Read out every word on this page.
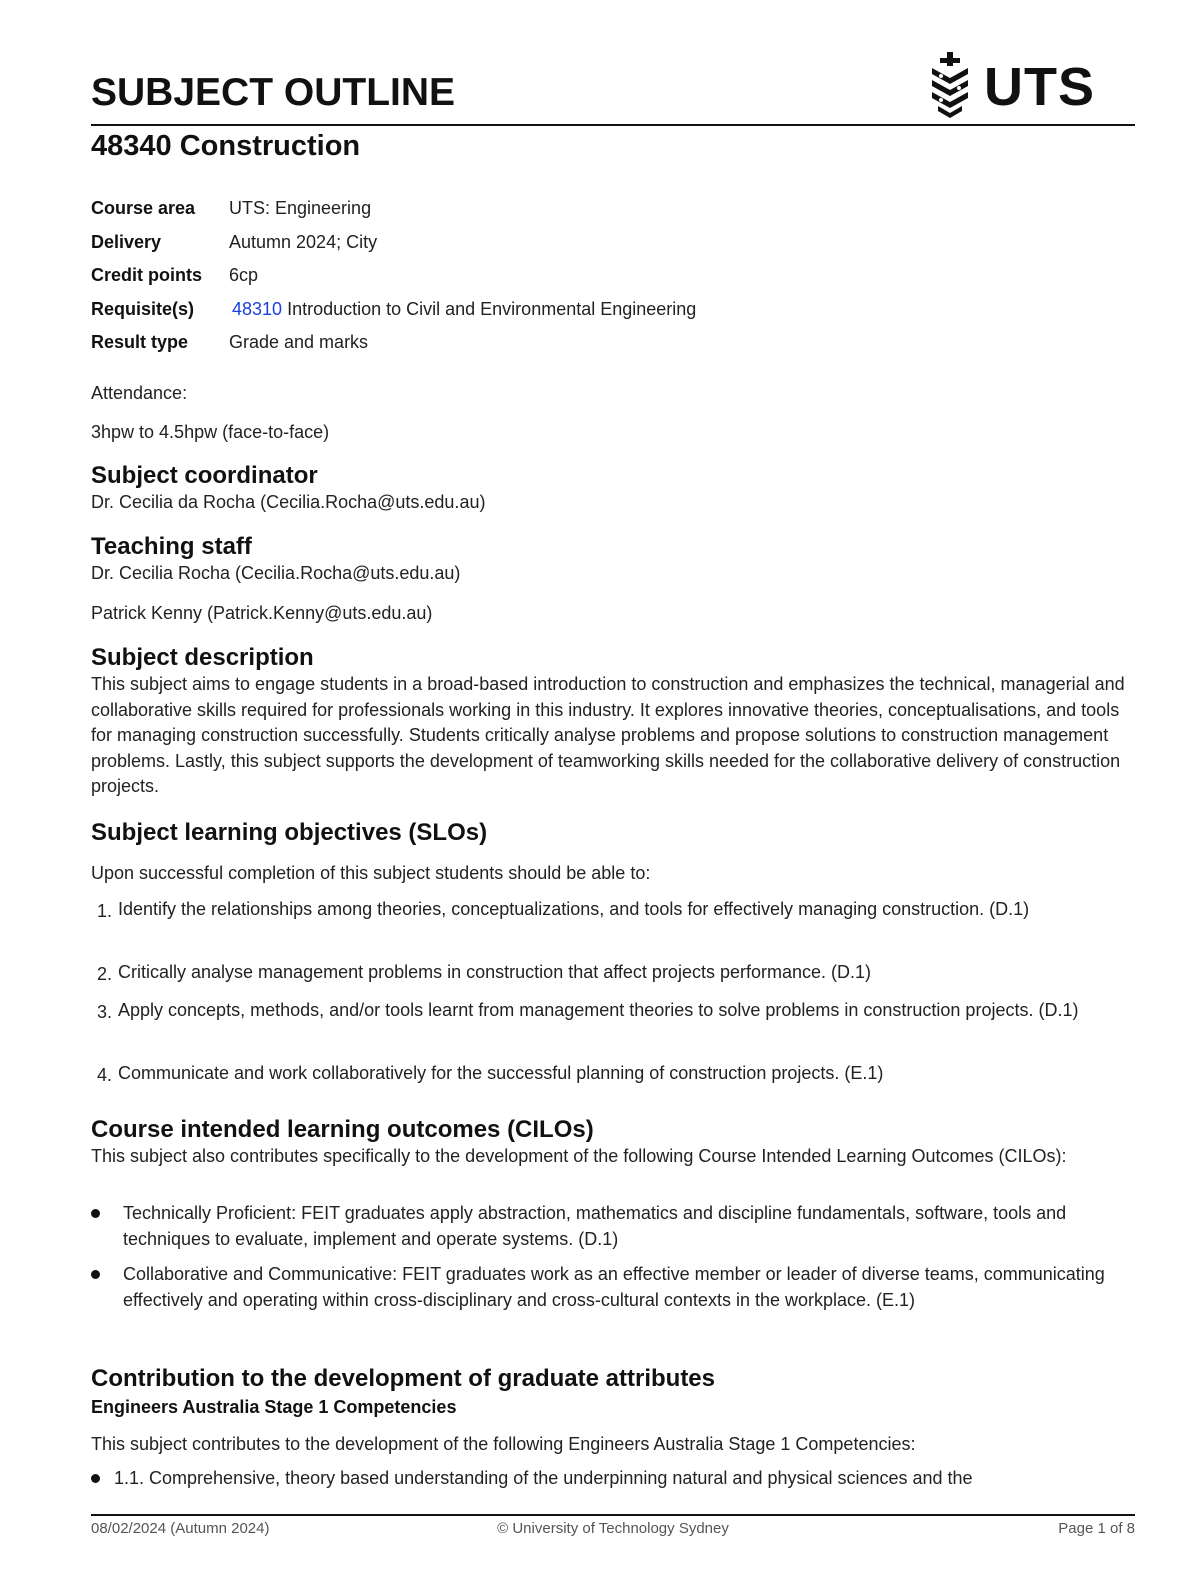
SUBJECT OUTLINE	UTS
48340 Construction
Course area	UTS: Engineering
Delivery	Autumn 2024; City
Credit points	6cp
Requisite(s)	48310 Introduction to Civil and Environmental Engineering
Result type	Grade and marks

Attendance:

3hpw to 4.5hpw (face-to-face)

Subject coordinator

Dr. Cecilia da Rocha (Cecilia.Rocha@uts.edu.au)

Teaching staff

Dr. Cecilia Rocha (Cecilia.Rocha@uts.edu.au)

Patrick Kenny (Patrick.Kenny@uts.edu.au)

Subject description

This subject aims to engage students in a broad-based introduction to construction and emphasizes the technical, managerial and collaborative skills required for professionals working in this industry. It explores innovative theories, conceptualisations, and tools for managing construction successfully. Students critically analyse problems and propose solutions to construction management problems. Lastly, this subject supports the development of teamworking skills needed for the collaborative delivery of construction projects.

Subject learning objectives (SLOs)

Upon successful completion of this subject students should be able to:

1. Identify the relationships among theories, conceptualizations, and tools for effectively managing construction. (D.1)
2. Critically analyse management problems in construction that affect projects performance. (D.1)
3. Apply concepts, methods, and/or tools learnt from management theories to solve problems in construction projects. (D.1)
4. Communicate and work collaboratively for the successful planning of construction projects. (E.1)
Course intended learning outcomes (CILOs)

This subject also contributes specifically to the development of the following Course Intended Learning Outcomes (CILOs):

Technically Proficient: FEIT graduates apply abstraction, mathematics and discipline fundamentals, software, tools and techniques to evaluate, implement and operate systems. (D.1)
Collaborative and Communicative: FEIT graduates work as an effective member or leader of diverse teams, communicating effectively and operating within cross-disciplinary and cross-cultural contexts in the workplace. (E.1)
Contribution to the development of graduate attributes
Engineers Australia Stage 1 Competencies

This subject contributes to the development of the following Engineers Australia Stage 1 Competencies:

1.1. Comprehensive, theory based understanding of the underpinning natural and physical sciences and the
08/02/2024 (Autumn 2024)	© University of Technology Sydney	Page 1 of 8
